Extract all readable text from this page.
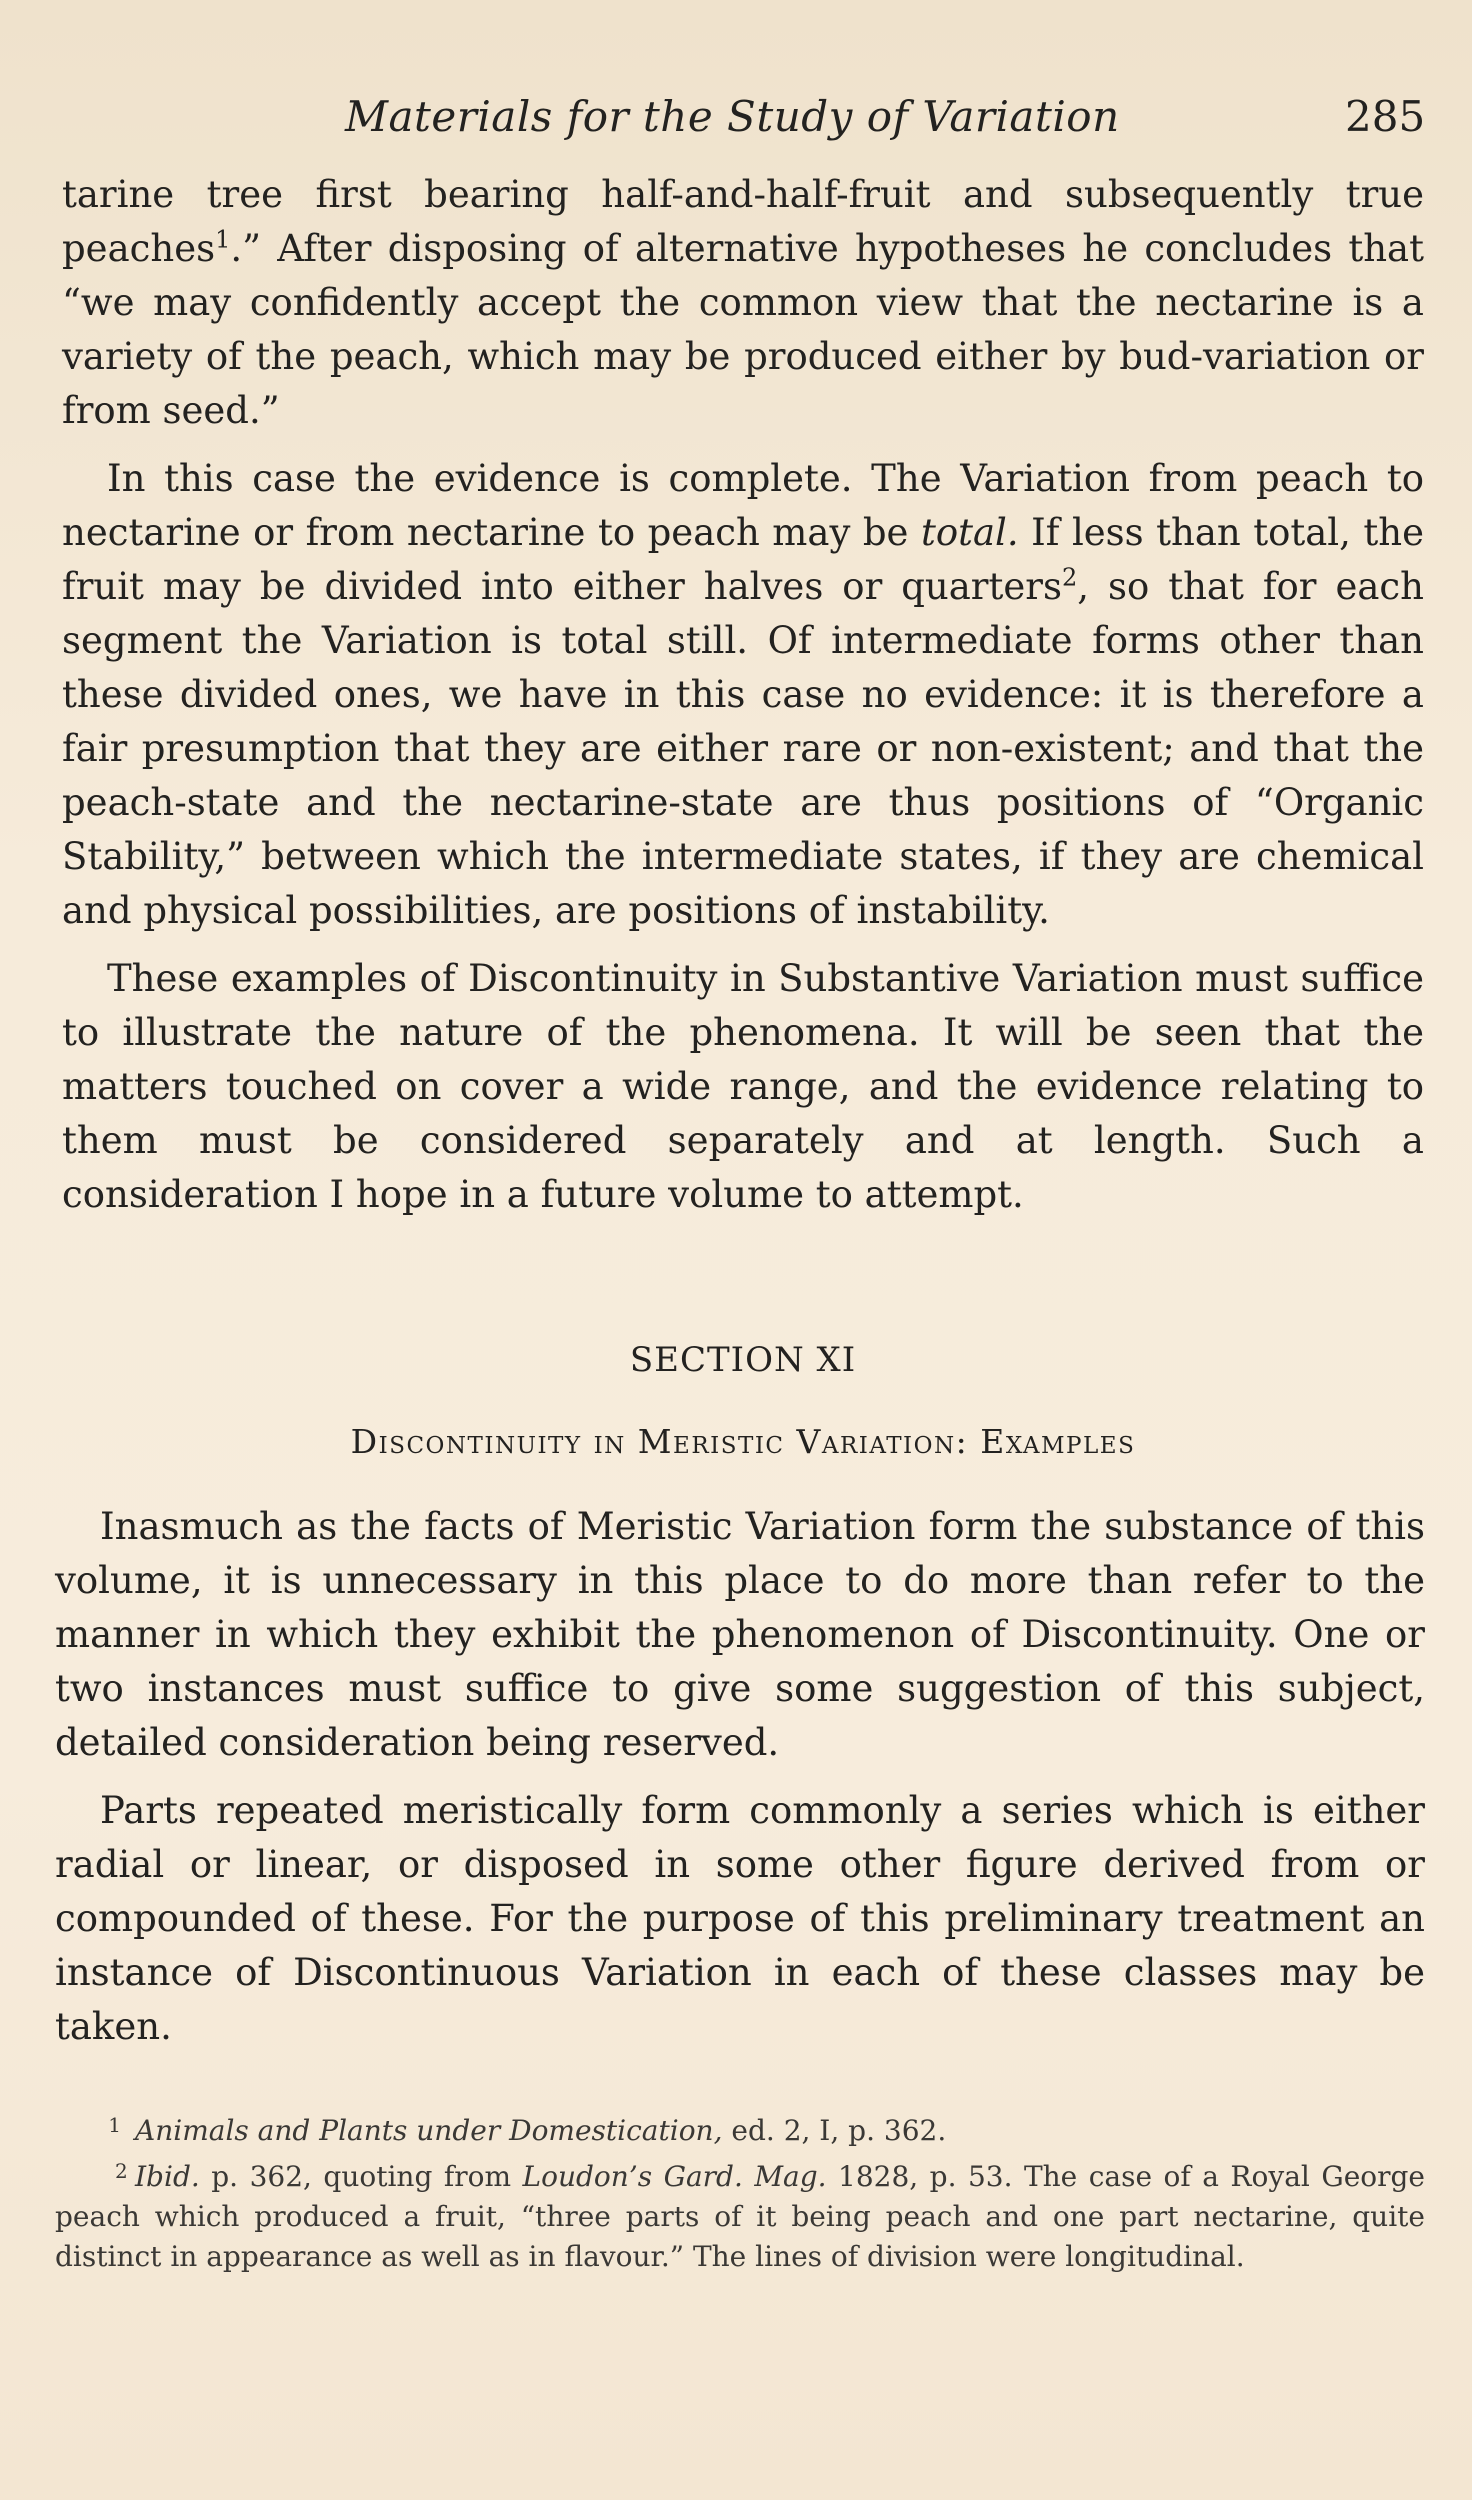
Materials for the Study of Variation	285

tarine tree first bearing half-and-half-fruit and subsequently true peaches$^1$.” After disposing of alternative hypotheses he concludes that “we may confidently accept the common view that the nectarine is a variety of the peach, which may be produced either by bud-variation or from seed.”

In this case the evidence is complete. The Variation from peach to nectarine or from nectarine to peach may be total. If less than total, the fruit may be divided into either halves or quarters$^2$, so that for each segment the Variation is total still. Of intermediate forms other than these divided ones, we have in this case no evidence: it is therefore a fair presumption that they are either rare or non-existent; and that the peach-state and the nectarine-state are thus positions of “Organic Stability,” between which the intermediate states, if they are chemical and physical possibilities, are positions of instability.

These examples of Discontinuity in Substantive Variation must suffice to illustrate the nature of the phenomena. It will be seen that the matters touched on cover a wide range, and the evidence relating to them must be considered separately and at length. Such a consideration I hope in a future volume to attempt.

SECTION XI
Discontinuity in Meristic Variation: Examples

Inasmuch as the facts of Meristic Variation form the substance of this volume, it is unnecessary in this place to do more than refer to the manner in which they exhibit the phenomenon of Discontinuity. One or two instances must suffice to give some suggestion of this subject, detailed consideration being reserved.

Parts repeated meristically form commonly a series which is either radial or linear, or disposed in some other figure derived from or compounded of these. For the purpose of this preliminary treatment an instance of Discontinuous Variation in each of these classes may be taken.

1 Animals and Plants under Domestication, ed. 2, I, p. 362.

2 Ibid. p. 362, quoting from Loudon’s Gard. Mag. 1828, p. 53. The case of a Royal George peach which produced a fruit, “three parts of it being peach and one part nectarine, quite distinct in appearance as well as in flavour.” The lines of division were longitudinal.
